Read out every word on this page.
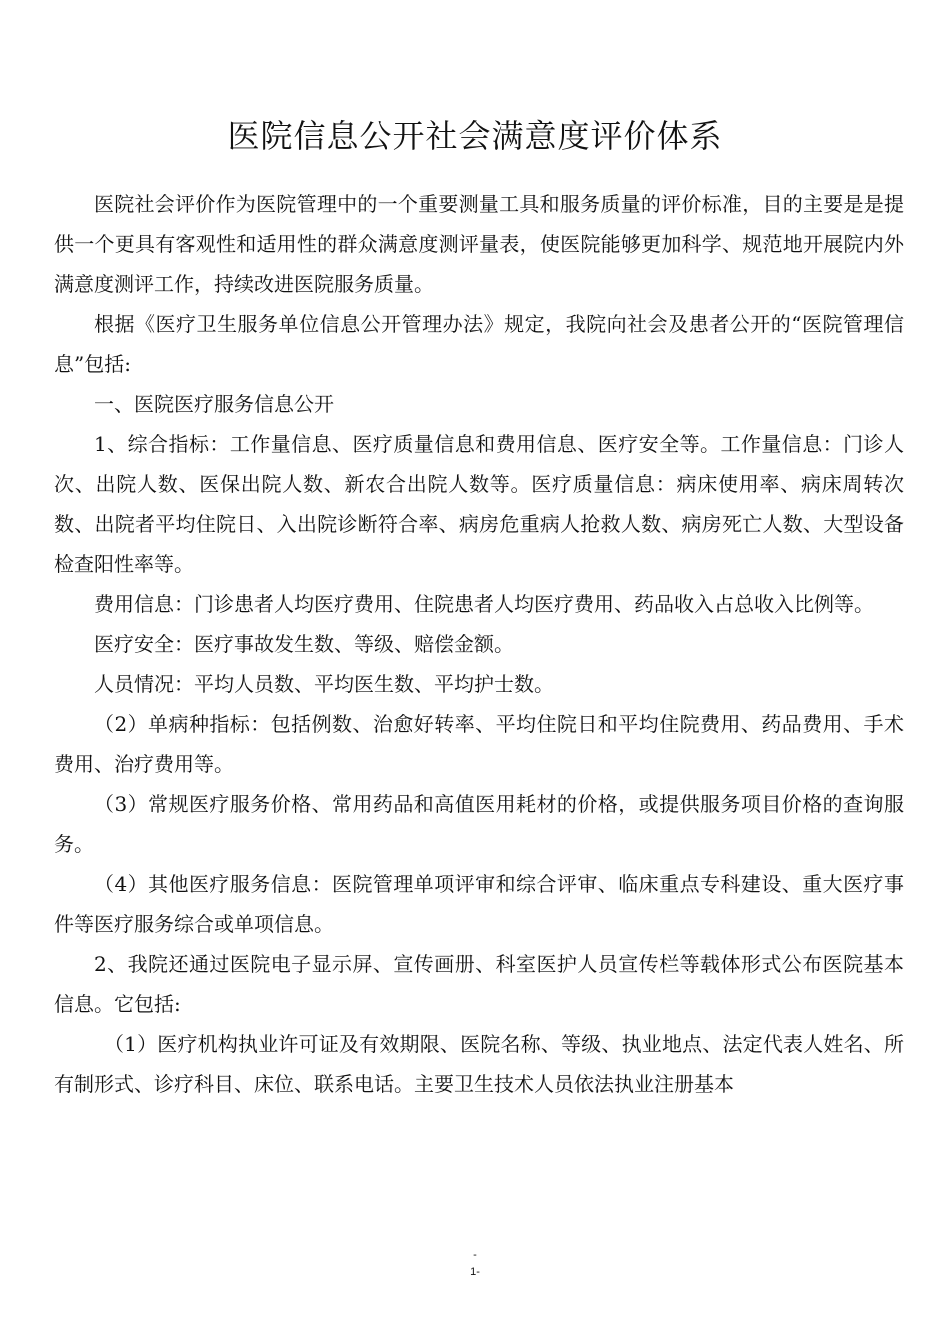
医院信息公开社会满意度评价体系

医院社会评价作为医院管理中的一个重要测量工具和服务质量的评价标准，目的主要是是提供一个更具有客观性和适用性的群众满意度测评量表，使医院能够更加科学、规范地开展院内外满意度测评工作，持续改进医院服务质量。

根据《医疗卫生服务单位信息公开管理办法》规定，我院向社会及患者公开的“医院管理信息”包括:

一、医院医疗服务信息公开

1、综合指标：工作量信息、医疗质量信息和费用信息、医疗安全等。工作量信息：门诊人次、出院人数、医保出院人数、新农合出院人数等。医疗质量信息：病床使用率、病床周转次数、出院者平均住院日、入出院诊断符合率、病房危重病人抢救人数、病房死亡人数、大型设备检查阳性率等。

费用信息：门诊患者人均医疗费用、住院患者人均医疗费用、药品收入占总收入比例等。

医疗安全：医疗事故发生数、等级、赔偿金额。

人员情况：平均人员数、平均医生数、平均护士数。

（2）单病种指标：包括例数、治愈好转率、平均住院日和平均住院费用、药品费用、手术费用、治疗费用等。

（3）常规医疗服务价格、常用药品和高值医用耗材的价格，或提供服务项目价格的查询服务。

（4）其他医疗服务信息：医院管理单项评审和综合评审、临床重点专科建设、重大医疗事件等医疗服务综合或单项信息。

2、我院还通过医院电子显示屏、宣传画册、科室医护人员宣传栏等载体形式公布医院基本信息。它包括:

（1）医疗机构执业许可证及有效期限、医院名称、等级、执业地点、法定代表人姓名、所有制形式、诊疗科目、床位、联系电话。主要卫生技术人员依法执业注册基本

-
1-
